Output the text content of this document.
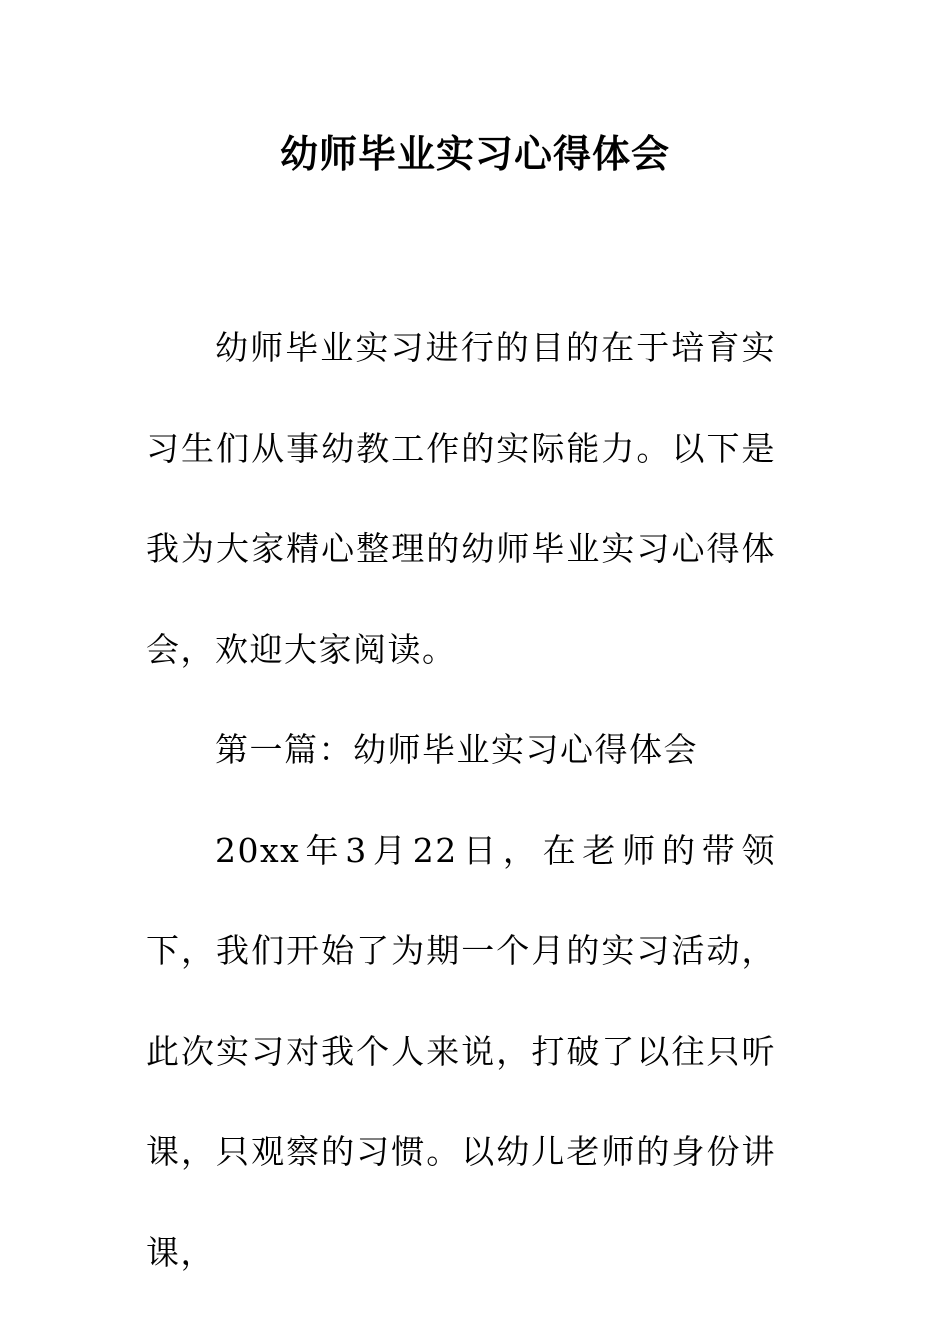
幼师毕业实习心得体会

幼师毕业实习进行的目的在于培育实习生们从事幼教工作的实际能力。以下是我为大家精心整理的幼师毕业实习心得体会，欢迎大家阅读。

第一篇：幼师毕业实习心得体会

20xx年3月22日，在老师的带领下，我们开始了为期一个月的实习活动，此次实习对我个人来说，打破了以往只听课，只观察的习惯。以幼儿老师的身份讲课，
